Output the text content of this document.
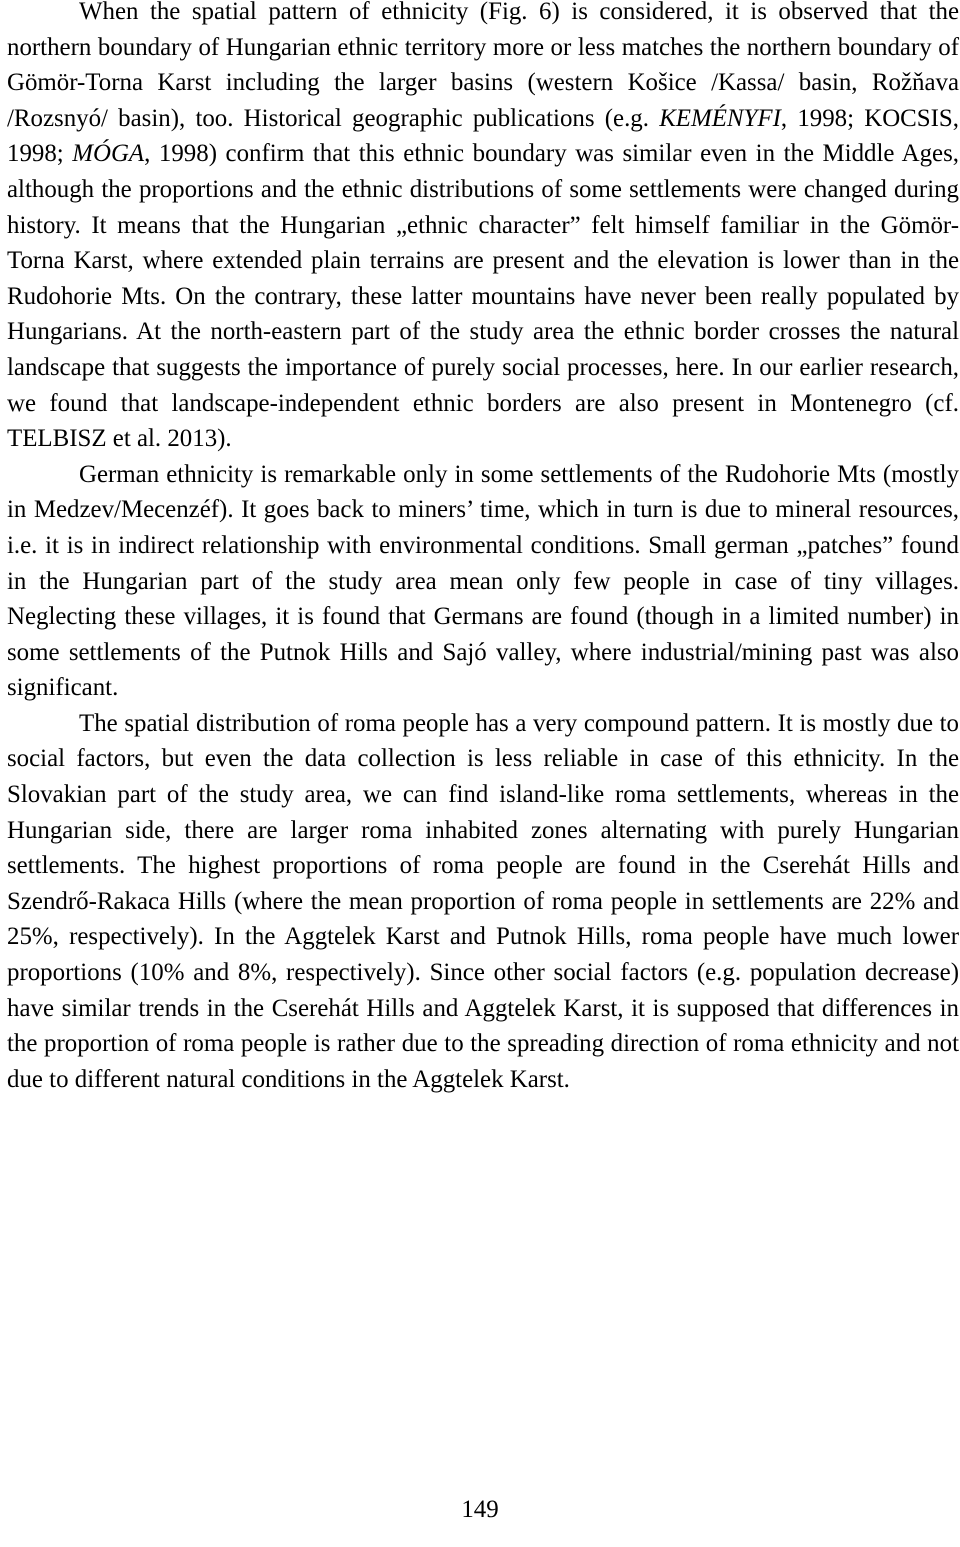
When the spatial pattern of ethnicity (Fig. 6) is considered, it is observed that the northern boundary of Hungarian ethnic territory more or less matches the northern boundary of Gömör-Torna Karst including the larger basins (western Košice /Kassa/ basin, Rožňava /Rozsnyó/ basin), too. Historical geographic publications (e.g. KEMÉNYFI, 1998; KOCSIS, 1998; MÓGA, 1998) confirm that this ethnic boundary was similar even in the Middle Ages, although the proportions and the ethnic distributions of some settlements were changed during history. It means that the Hungarian „ethnic character” felt himself familiar in the Gömör-Torna Karst, where extended plain terrains are present and the elevation is lower than in the Rudohorie Mts. On the contrary, these latter mountains have never been really populated by Hungarians. At the north-eastern part of the study area the ethnic border crosses the natural landscape that suggests the importance of purely social processes, here. In our earlier research, we found that landscape-independent ethnic borders are also present in Montenegro (cf. TELBISZ et al. 2013).

German ethnicity is remarkable only in some settlements of the Rudohorie Mts (mostly in Medzev/Mecenzéf). It goes back to miners’ time, which in turn is due to mineral resources, i.e. it is in indirect relationship with environmental conditions. Small german „patches” found in the Hungarian part of the study area mean only few people in case of tiny villages. Neglecting these villages, it is found that Germans are found (though in a limited number) in some settlements of the Putnok Hills and Sajó valley, where industrial/mining past was also significant.

The spatial distribution of roma people has a very compound pattern. It is mostly due to social factors, but even the data collection is less reliable in case of this ethnicity. In the Slovakian part of the study area, we can find island-like roma settlements, whereas in the Hungarian side, there are larger roma inhabited zones alternating with purely Hungarian settlements. The highest proportions of roma people are found in the Cserehát Hills and Szendrő-Rakaca Hills (where the mean proportion of roma people in settlements are 22% and 25%, respectively). In the Aggtelek Karst and Putnok Hills, roma people have much lower proportions (10% and 8%, respectively). Since other social factors (e.g. population decrease) have similar trends in the Cserehát Hills and Aggtelek Karst, it is supposed that differences in the proportion of roma people is rather due to the spreading direction of roma ethnicity and not due to different natural conditions in the Aggtelek Karst.

149
